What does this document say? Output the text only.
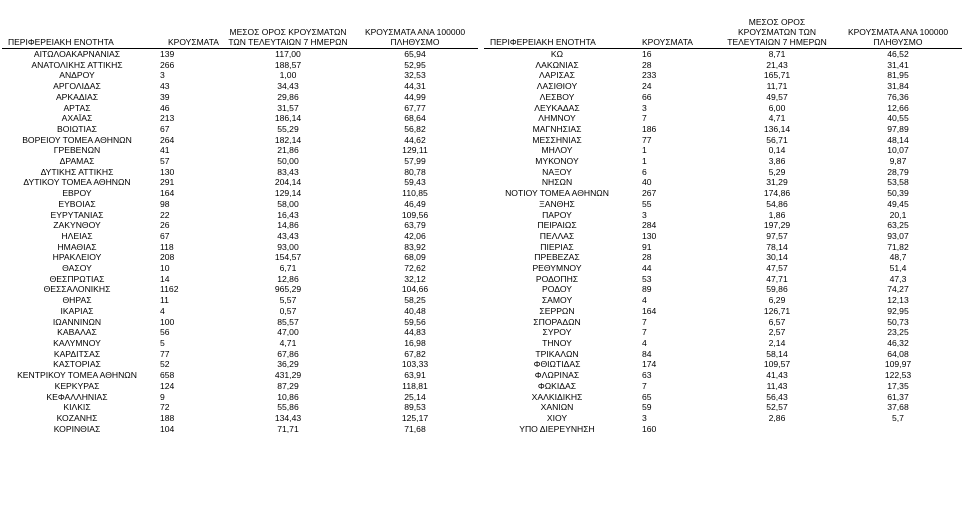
ΠΕΡΙΦΕΡΕΙΑΚΗ ΕΝΟΤΗΤΑ	ΚΡΟΥΣΜΑΤΑ	ΜΕΣΟΣ ΟΡΟΣ ΚΡΟΥΣΜΑΤΩΝ ΤΩΝ ΤΕΛΕΥΤΑΙΩΝ 7 ΗΜΕΡΩΝ	ΚΡΟΥΣΜΑΤΑ ΑΝΑ 100000 ΠΛΗΘΥΣΜΟ
ΑΙΤΩΛΟΑΚΑΡΝΑΝΙΑΣ	139	117,00	65,94
ΑΝΑΤΟΛΙΚΗΣ ΑΤΤΙΚΗΣ	266	188,57	52,95
ΑΝΔΡΟΥ	3	1,00	32,53
ΑΡΓΟΛΙΔΑΣ	43	34,43	44,31
ΑΡΚΑΔΙΑΣ	39	29,86	44,99
ΑΡΤΑΣ	46	31,57	67,77
ΑΧΑΪΑΣ	213	186,14	68,64
ΒΟΙΩΤΙΑΣ	67	55,29	56,82
ΒΟΡΕΙΟΥ ΤΟΜΕΑ ΑΘΗΝΩΝ	264	182,14	44,62
ΓΡΕΒΕΝΩΝ	41	21,86	129,11
ΔΡΑΜΑΣ	57	50,00	57,99
ΔΥΤΙΚΗΣ ΑΤΤΙΚΗΣ	130	83,43	80,78
ΔΥΤΙΚΟΥ ΤΟΜΕΑ ΑΘΗΝΩΝ	291	204,14	59,43
ΕΒΡΟΥ	164	129,14	110,85
ΕΥΒΟΙΑΣ	98	58,00	46,49
ΕΥΡΥΤΑΝΙΑΣ	22	16,43	109,56
ΖΑΚΥΝΘΟΥ	26	14,86	63,79
ΗΛΕΙΑΣ	67	43,43	42,06
ΗΜΑΘΙΑΣ	118	93,00	83,92
ΗΡΑΚΛΕΙΟΥ	208	154,57	68,09
ΘΑΣΟΥ	10	6,71	72,62
ΘΕΣΠΡΩΤΙΑΣ	14	12,86	32,12
ΘΕΣΣΑΛΟΝΙΚΗΣ	1162	965,29	104,66
ΘΗΡΑΣ	11	5,57	58,25
ΙΚΑΡΙΑΣ	4	0,57	40,48
ΙΩΑΝΝΙΝΩΝ	100	85,57	59,56
ΚΑΒΑΛΑΣ	56	47,00	44,83
ΚΑΛΥΜΝΟΥ	5	4,71	16,98
ΚΑΡΔΙΤΣΑΣ	77	67,86	67,82
ΚΑΣΤΟΡΙΑΣ	52	36,29	103,33
ΚΕΝΤΡΙΚΟΥ ΤΟΜΕΑ ΑΘΗΝΩΝ	658	431,29	63,91
ΚΕΡΚΥΡΑΣ	124	87,29	118,81
ΚΕΦΑΛΛΗΝΙΑΣ	9	10,86	25,14
ΚΙΛΚΙΣ	72	55,86	89,53
ΚΟΖΑΝΗΣ	188	134,43	125,17
ΚΟΡΙΝΘΙΑΣ	104	71,71	71,68
ΠΕΡΙΦΕΡΕΙΑΚΗ ΕΝΟΤΗΤΑ	ΚΡΟΥΣΜΑΤΑ	ΜΕΣΟΣ ΟΡΟΣ ΚΡΟΥΣΜΑΤΩΝ ΤΩΝ ΤΕΛΕΥΤΑΙΩΝ 7 ΗΜΕΡΩΝ	ΚΡΟΥΣΜΑΤΑ ΑΝΑ 100000 ΠΛΗΘΥΣΜΟ
ΚΩ	16	8,71	46,52
ΛΑΚΩΝΙΑΣ	28	21,43	31,41
ΛΑΡΙΣΑΣ	233	165,71	81,95
ΛΑΣΙΘΙΟΥ	24	11,71	31,84
ΛΕΣΒΟΥ	66	49,57	76,36
ΛΕΥΚΑΔΑΣ	3	6,00	12,66
ΛΗΜΝΟΥ	7	4,71	40,55
ΜΑΓΝΗΣΙΑΣ	186	136,14	97,89
ΜΕΣΣΗΝΙΑΣ	77	56,71	48,14
ΜΗΛΟΥ	1	0,14	10,07
ΜΥΚΟΝΟΥ	1	3,86	9,87
ΝΑΞΟΥ	6	5,29	28,79
ΝΗΣΩΝ	40	31,29	53,58
ΝΟΤΙΟΥ ΤΟΜΕΑ ΑΘΗΝΩΝ	267	174,86	50,39
ΞΑΝΘΗΣ	55	54,86	49,45
ΠΑΡΟΥ	3	1,86	20,1
ΠΕΙΡΑΙΩΣ	284	197,29	63,25
ΠΕΛΛΑΣ	130	97,57	93,07
ΠΙΕΡΙΑΣ	91	78,14	71,82
ΠΡΕΒΕΖΑΣ	28	30,14	48,7
ΡΕΘΥΜΝΟΥ	44	47,57	51,4
ΡΟΔΟΠΗΣ	53	47,71	47,3
ΡΟΔΟΥ	89	59,86	74,27
ΣΑΜΟΥ	4	6,29	12,13
ΣΕΡΡΩΝ	164	126,71	92,95
ΣΠΟΡΑΔΩΝ	7	6,57	50,73
ΣΥΡΟΥ	7	2,57	23,25
ΤΗΝΟΥ	4	2,14	46,32
ΤΡΙΚΑΛΩΝ	84	58,14	64,08
ΦΘΙΩΤΙΔΑΣ	174	109,57	109,97
ΦΛΩΡΙΝΑΣ	63	41,43	122,53
ΦΩΚΙΔΑΣ	7	11,43	17,35
ΧΑΛΚΙΔΙΚΗΣ	65	56,43	61,37
ΧΑΝΙΩΝ	59	52,57	37,68
ΧΙΟΥ	3	2,86	5,7
ΥΠΟ ΔΙΕΡΕΥΝΗΣΗ	160		
